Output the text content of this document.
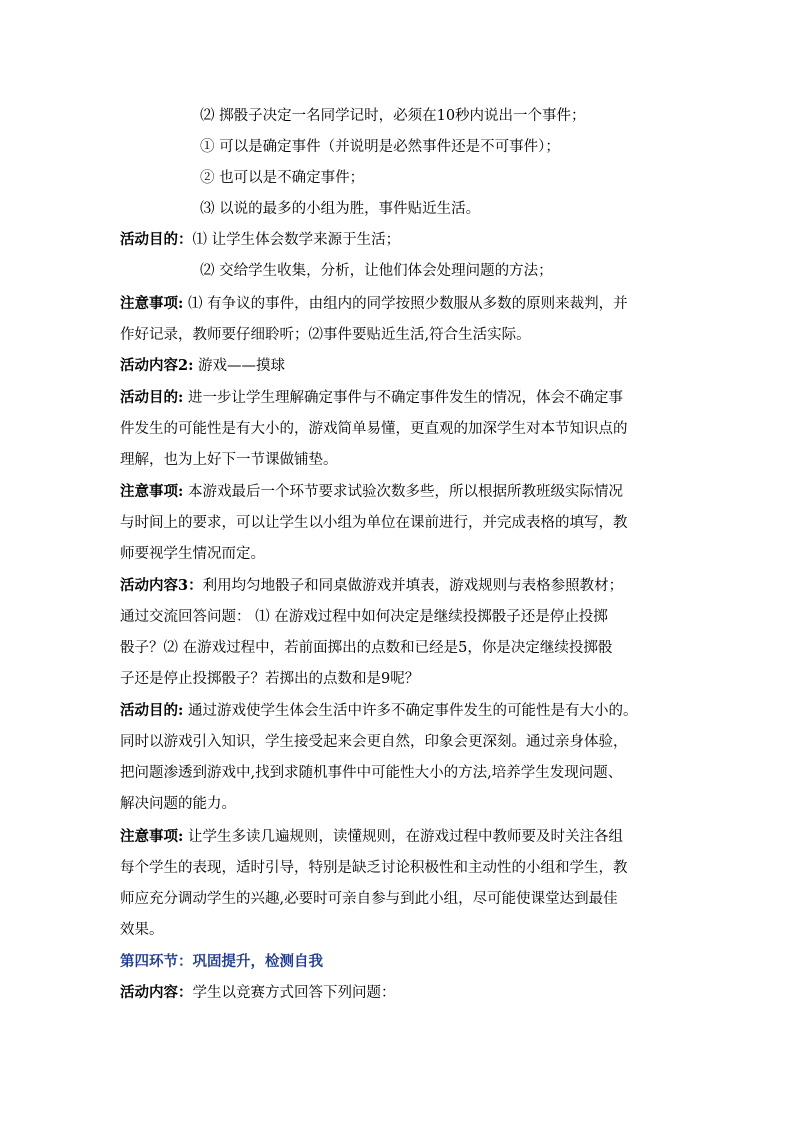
⑵ 掷骰子决定一名同学记时，必须在10秒内说出一个事件；
① 可以是确定事件（并说明是必然事件还是不可事件）；
② 也可以是不确定事件；
⑶ 以说的最多的小组为胜，事件贴近生活。
活动目的：⑴ 让学生体会数学来源于生活；
⑵ 交给学生收集，分析，让他们体会处理问题的方法；
注意事项: ⑴ 有争议的事件，由组内的同学按照少数服从多数的原则来裁判，并
作好记录，教师要仔细聆听；⑵事件要贴近生活,符合生活实际。
活动内容2: 游戏——摸球
活动目的: 进一步让学生理解确定事件与不确定事件发生的情况，体会不确定事
件发生的可能性是有大小的，游戏简单易懂，更直观的加深学生对本节知识点的
理解，也为上好下一节课做铺垫。
注意事项: 本游戏最后一个环节要求试验次数多些，所以根据所教班级实际情况
与时间上的要求，可以让学生以小组为单位在课前进行，并完成表格的填写，教
师要视学生情况而定。
活动内容3：利用均匀地骰子和同桌做游戏并填表，游戏规则与表格参照教材；
通过交流回答问题： ⑴ 在游戏过程中如何决定是继续投掷骰子还是停止投掷
骰子？⑵ 在游戏过程中，若前面掷出的点数和已经是5，你是决定继续投掷骰
子还是停止投掷骰子？若掷出的点数和是9呢？
活动目的: 通过游戏使学生体会生活中许多不确定事件发生的可能性是有大小的。
同时以游戏引入知识，学生接受起来会更自然，印象会更深刻。通过亲身体验，
把问题渗透到游戏中,找到求随机事件中可能性大小的方法,培养学生发现问题、
解决问题的能力。
注意事项: 让学生多读几遍规则，读懂规则，在游戏过程中教师要及时关注各组
每个学生的表现，适时引导，特别是缺乏讨论积极性和主动性的小组和学生，教
师应充分调动学生的兴趣,必要时可亲自参与到此小组，尽可能使课堂达到最佳
效果。
第四环节：巩固提升，检测自我
活动内容：学生以竞赛方式回答下列问题：
